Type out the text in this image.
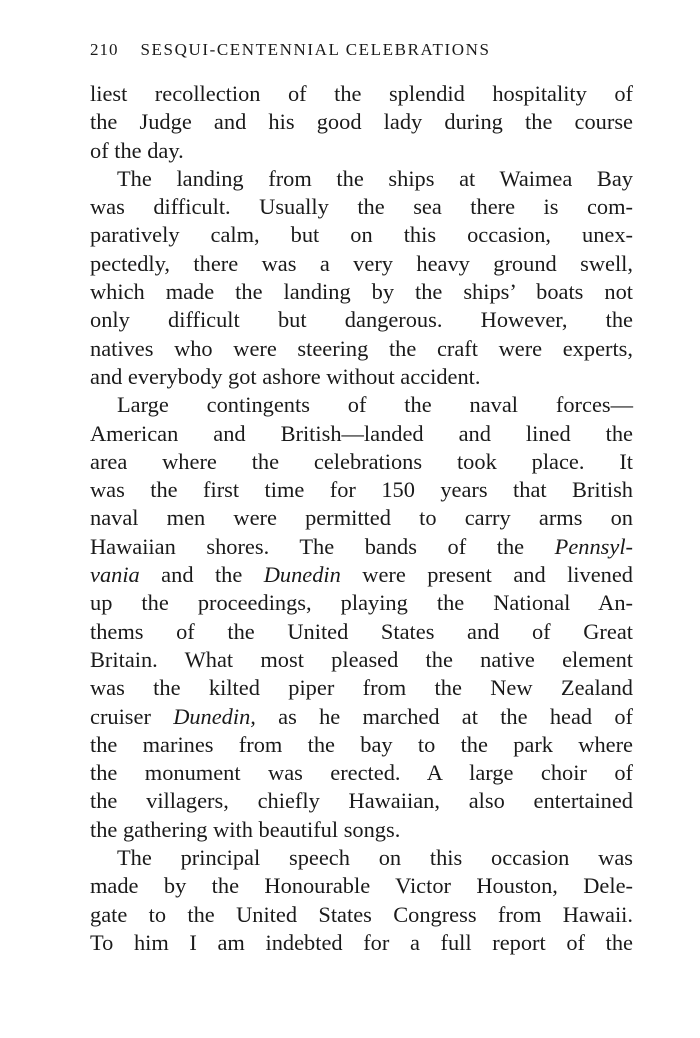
210 SESQUI-CENTENNIAL CELEBRATIONS
liest recollection of the splendid hospitality of
the Judge and his good lady during the course
of the day.
The landing from the ships at Waimea Bay
was difficult. Usually the sea there is com-
paratively calm, but on this occasion, unex-
pectedly, there was a very heavy ground swell,
which made the landing by the ships’ boats not
only difficult but dangerous. However, the
natives who were steering the craft were experts,
and everybody got ashore without accident.
Large contingents of the naval forces—
American and British—landed and lined the
area where the celebrations took place. It
was the first time for 150 years that British
naval men were permitted to carry arms on
Hawaiian shores. The bands of the Pennsyl-
vania and the Dunedin were present and livened
up the proceedings, playing the National An-
thems of the United States and of Great
Britain. What most pleased the native element
was the kilted piper from the New Zealand
cruiser Dunedin, as he marched at the head of
the marines from the bay to the park where
the monument was erected. A large choir of
the villagers, chiefly Hawaiian, also entertained
the gathering with beautiful songs.
The principal speech on this occasion was
made by the Honourable Victor Houston, Dele-
gate to the United States Congress from Hawaii.
To him I am indebted for a full report of the
